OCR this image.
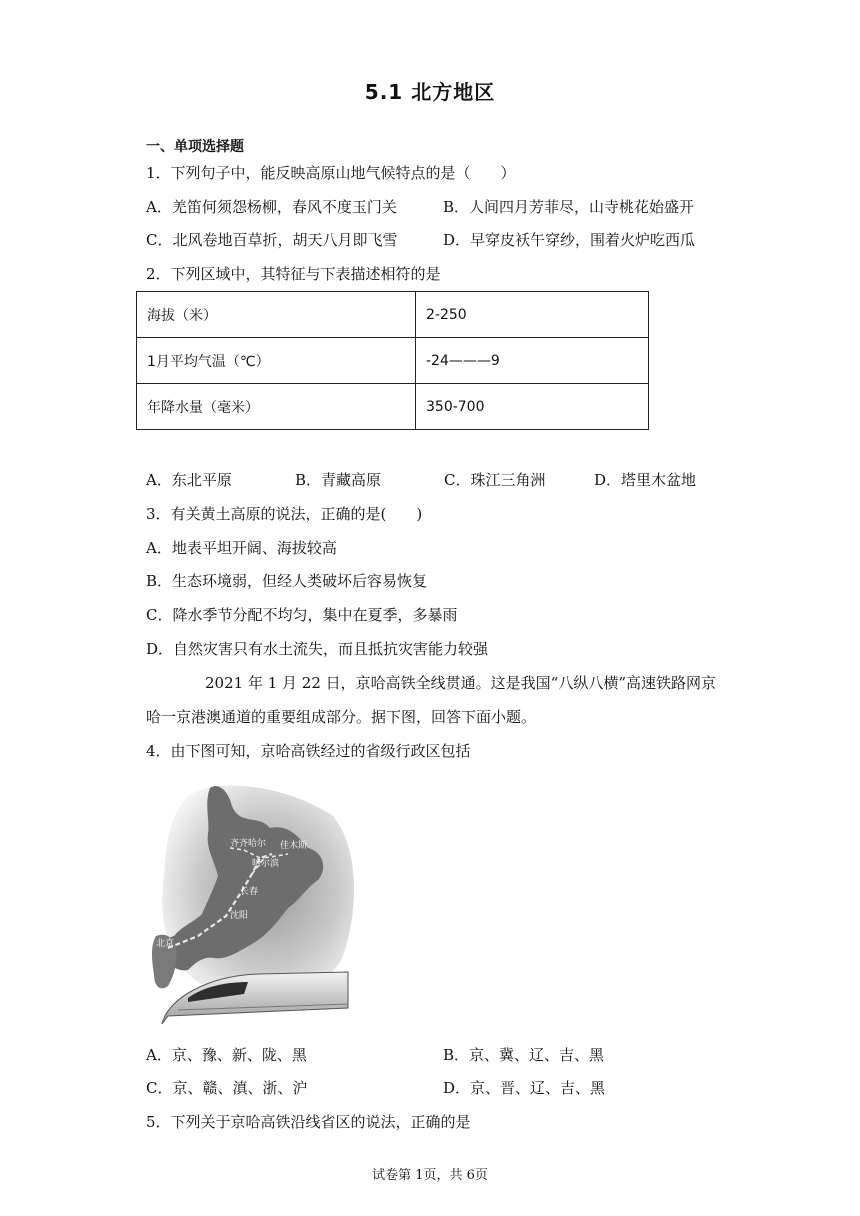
5.1 北方地区
一、单项选择题
1．下列句子中，能反映高原山地气候特点的是（　　）
A．羌笛何须怨杨柳，春风不度玉门关	B．人间四月芳菲尽，山寺桃花始盛开
C．北风卷地百草折，胡天八月即飞雪	D．早穿皮袄午穿纱，围着火炉吃西瓜
2．下列区域中，其特征与下表描述相符的是
海拔（米）	2-250
1月平均气温（℃）	-24———9
年降水量（毫米）	350-700
A．东北平原	B．青藏高原	C．珠江三角洲	D．塔里木盆地
3．有关黄土高原的说法，正确的是(　　)
A．地表平坦开阔、海拔较高
B．生态环境弱，但经人类破坏后容易恢复
C．降水季节分配不均匀，集中在夏季，多暴雨
D．自然灾害只有水土流失，而且抵抗灾害能力较强
2021 年 1 月 22 日，京哈高铁全线贯通。这是我国“八纵八横”高速铁路网京
哈一京港澳通道的重要组成部分。据下图，回答下面小题。
4．由下图可知，京哈高铁经过的省级行政区包括
齐齐哈尔
哈尔滨
佳木斯
长春
沈阳
北京
A．京、豫、新、陇、黑	B．京、冀、辽、吉、黑
C．京、赣、滇、浙、沪	D．京、晋、辽、吉、黑
5．下列关于京哈高铁沿线省区的说法，正确的是
试卷第 1页，共 6页
